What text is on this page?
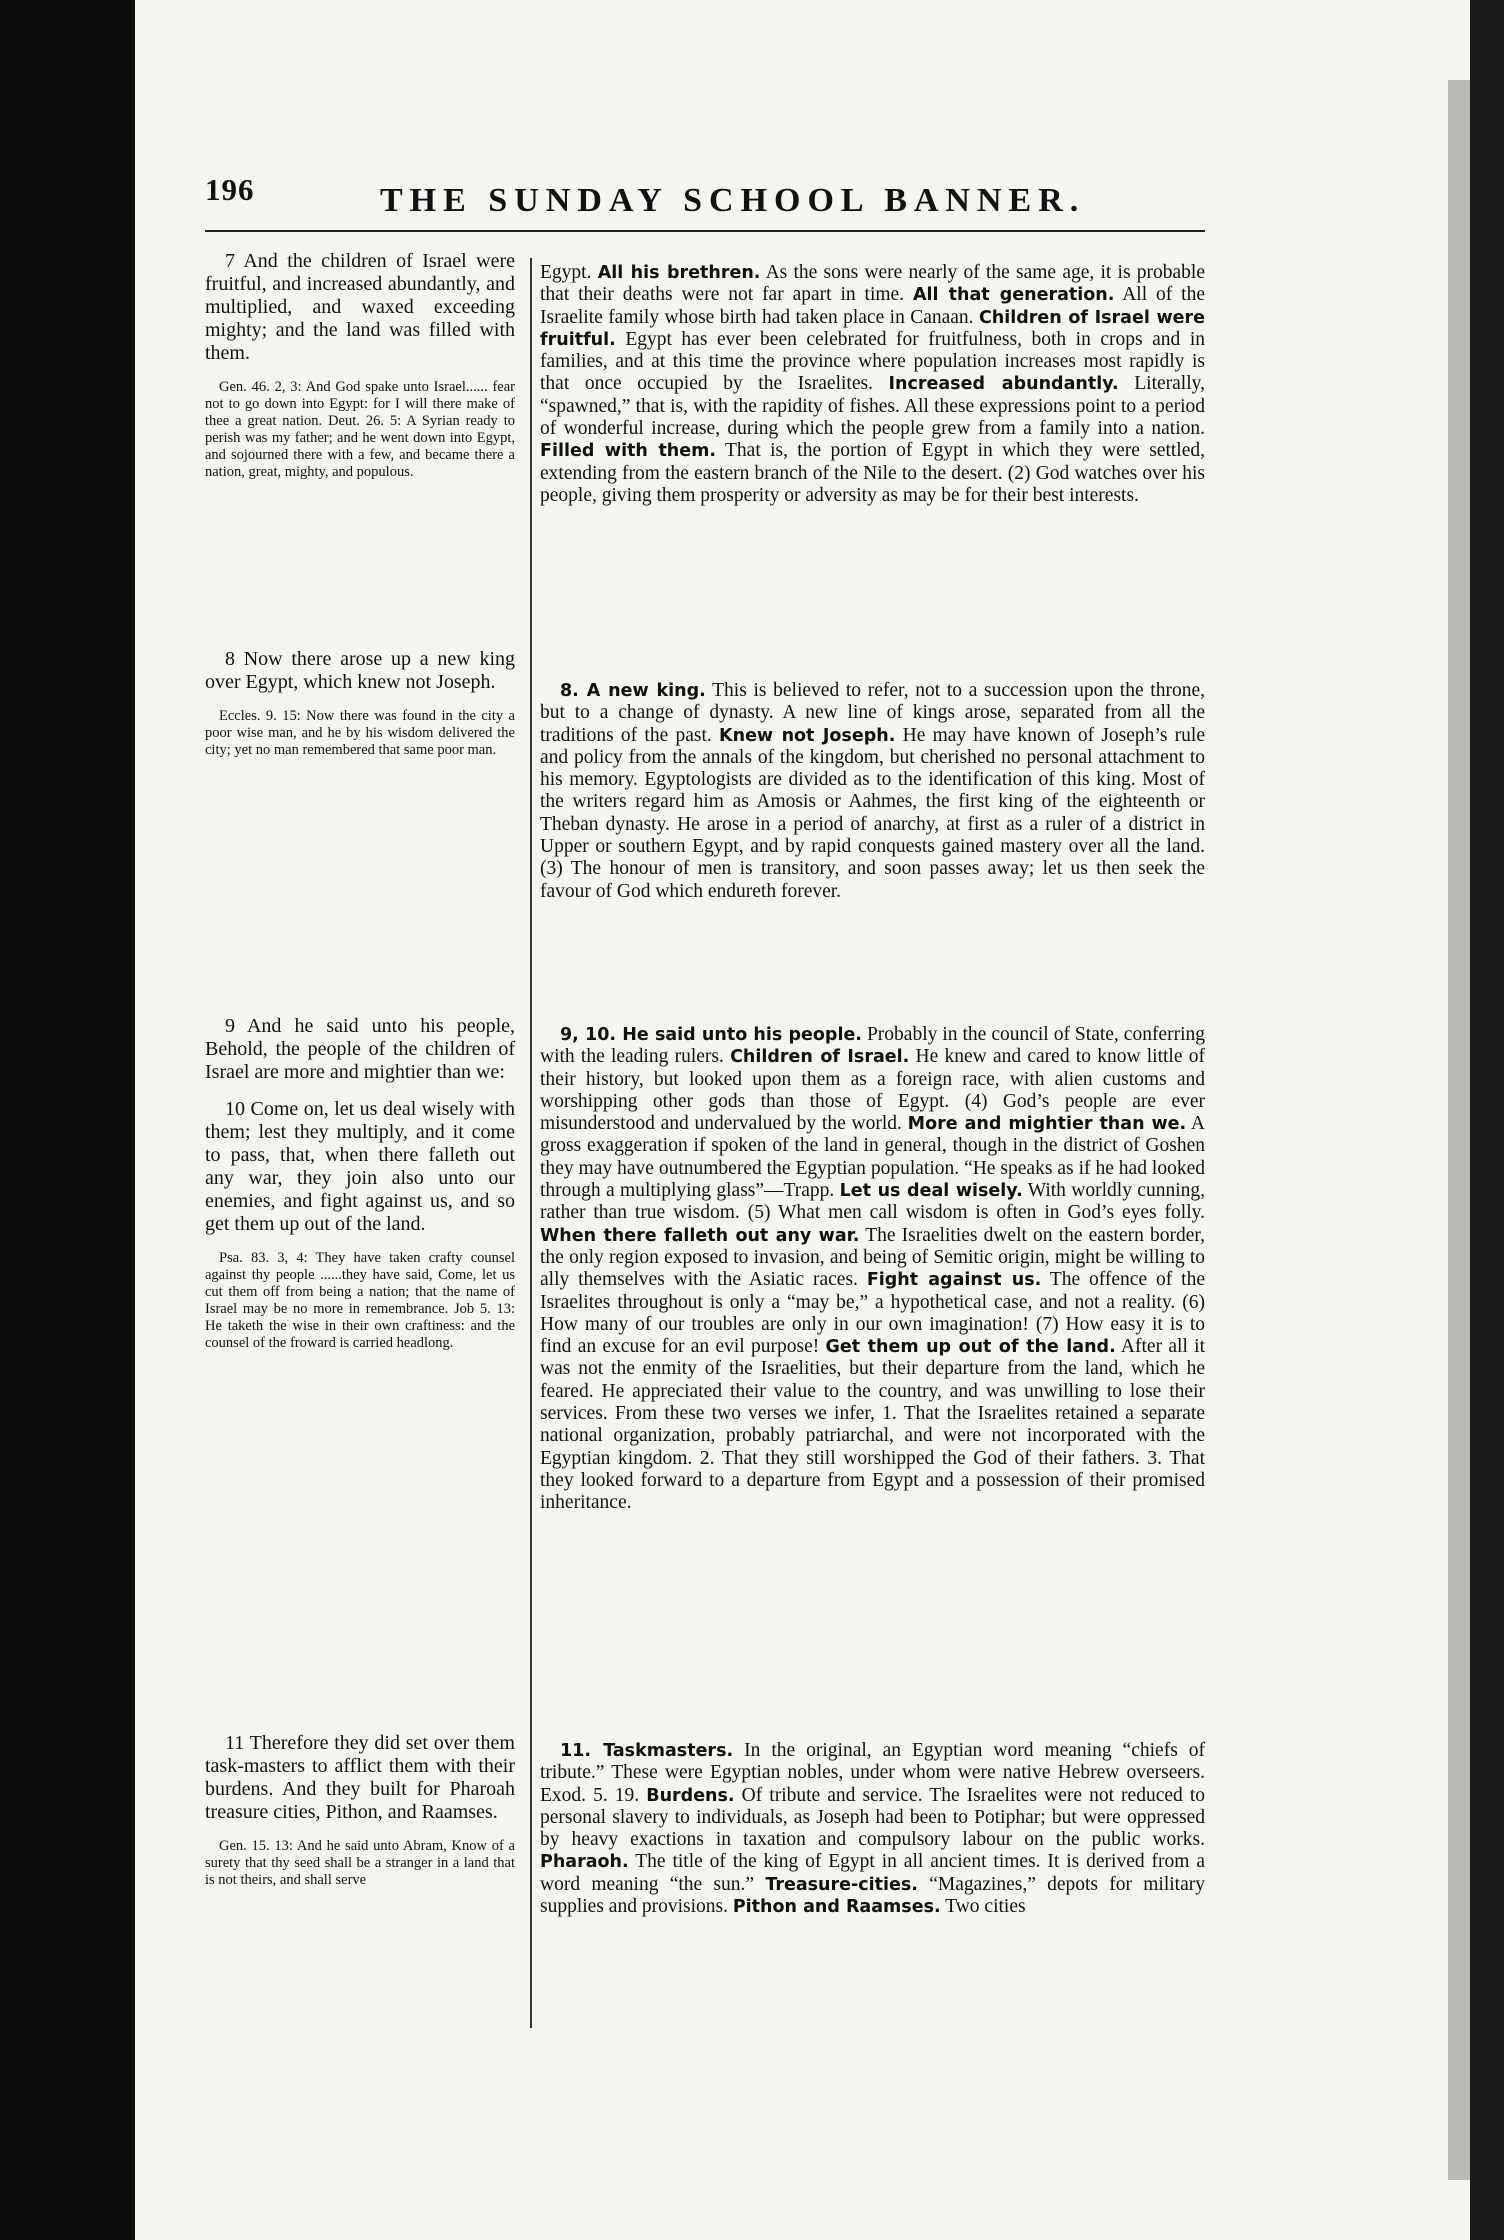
196	THE SUNDAY SCHOOL BANNER.

7 And the children of Israel were fruitful, and increased abundantly, and multiplied, and waxed exceeding mighty; and the land was filled with them.

Gen. 46. 2, 3: And God spake unto Israel...... fear not to go down into Egypt: for I will there make of thee a great nation. Deut. 26. 5: A Syrian ready to perish was my father; and he went down into Egypt, and sojourned there with a few, and became there a nation, great, mighty, and populous.

8 Now there arose up a new king over Egypt, which knew not Joseph.

Eccles. 9. 15: Now there was found in the city a poor wise man, and he by his wisdom delivered the city; yet no man remembered that same poor man.

9 And he said unto his people, Behold, the people of the children of Israel are more and mightier than we:

10 Come on, let us deal wisely with them; lest they multiply, and it come to pass, that, when there falleth out any war, they join also unto our enemies, and fight against us, and so get them up out of the land.

Psa. 83. 3, 4: They have taken crafty counsel against thy people ......they have said, Come, let us cut them off from being a nation; that the name of Israel may be no more in remembrance. Job 5. 13: He taketh the wise in their own craftiness: and the counsel of the froward is carried headlong.

11 Therefore they did set over them task-masters to afflict them with their burdens. And they built for Pharoah treasure cities, Pithon, and Raamses.

Gen. 15. 13: And he said unto Abram, Know of a surety that thy seed shall be a stranger in a land that is not theirs, and shall serve

Egypt. All his brethren. As the sons were nearly of the same age, it is probable that their deaths were not far apart in time. All that generation. All of the Israelite family whose birth had taken place in Canaan. Children of Israel were fruitful. Egypt has ever been celebrated for fruitfulness, both in crops and in families, and at this time the province where population increases most rapidly is that once occupied by the Israelites. Increased abundantly. Literally, “spawned,” that is, with the rapidity of fishes. All these expressions point to a period of wonderful increase, during which the people grew from a family into a nation. Filled with them. That is, the portion of Egypt in which they were settled, extending from the eastern branch of the Nile to the desert. (2) God watches over his people, giving them prosperity or adversity as may be for their best interests.

8. A new king. This is believed to refer, not to a succession upon the throne, but to a change of dynasty. A new line of kings arose, separated from all the traditions of the past. Knew not Joseph. He may have known of Joseph’s rule and policy from the annals of the kingdom, but cherished no personal attachment to his memory. Egyptologists are divided as to the identification of this king. Most of the writers regard him as Amosis or Aahmes, the first king of the eighteenth or Theban dynasty. He arose in a period of anarchy, at first as a ruler of a district in Upper or southern Egypt, and by rapid conquests gained mastery over all the land. (3) The honour of men is transitory, and soon passes away; let us then seek the favour of God which endureth forever.

9, 10. He said unto his people. Probably in the council of State, conferring with the leading rulers. Children of Israel. He knew and cared to know little of their history, but looked upon them as a foreign race, with alien customs and worshipping other gods than those of Egypt. (4) God’s people are ever misunderstood and undervalued by the world. More and mightier than we. A gross exaggeration if spoken of the land in general, though in the district of Goshen they may have outnumbered the Egyptian population. “He speaks as if he had looked through a multiplying glass”—Trapp. Let us deal wisely. With worldly cunning, rather than true wisdom. (5) What men call wisdom is often in God’s eyes folly. When there falleth out any war. The Israelities dwelt on the eastern border, the only region exposed to invasion, and being of Semitic origin, might be willing to ally themselves with the Asiatic races. Fight against us. The offence of the Israelites throughout is only a “may be,” a hypothetical case, and not a reality. (6) How many of our troubles are only in our own imagination! (7) How easy it is to find an excuse for an evil purpose! Get them up out of the land. After all it was not the enmity of the Israelities, but their departure from the land, which he feared. He appreciated their value to the country, and was unwilling to lose their services. From these two verses we infer, 1. That the Israelites retained a separate national organization, probably patriarchal, and were not incorporated with the Egyptian kingdom. 2. That they still worshipped the God of their fathers. 3. That they looked forward to a departure from Egypt and a possession of their promised inheritance.

11. Taskmasters. In the original, an Egyptian word meaning “chiefs of tribute.” These were Egyptian nobles, under whom were native Hebrew overseers. Exod. 5. 19. Burdens. Of tribute and service. The Israelites were not reduced to personal slavery to individuals, as Joseph had been to Potiphar; but were oppressed by heavy exactions in taxation and compulsory labour on the public works. Pharaoh. The title of the king of Egypt in all ancient times. It is derived from a word meaning “the sun.” Treasure-cities. “Magazines,” depots for military supplies and provisions. Pithon and Raamses. Two cities
